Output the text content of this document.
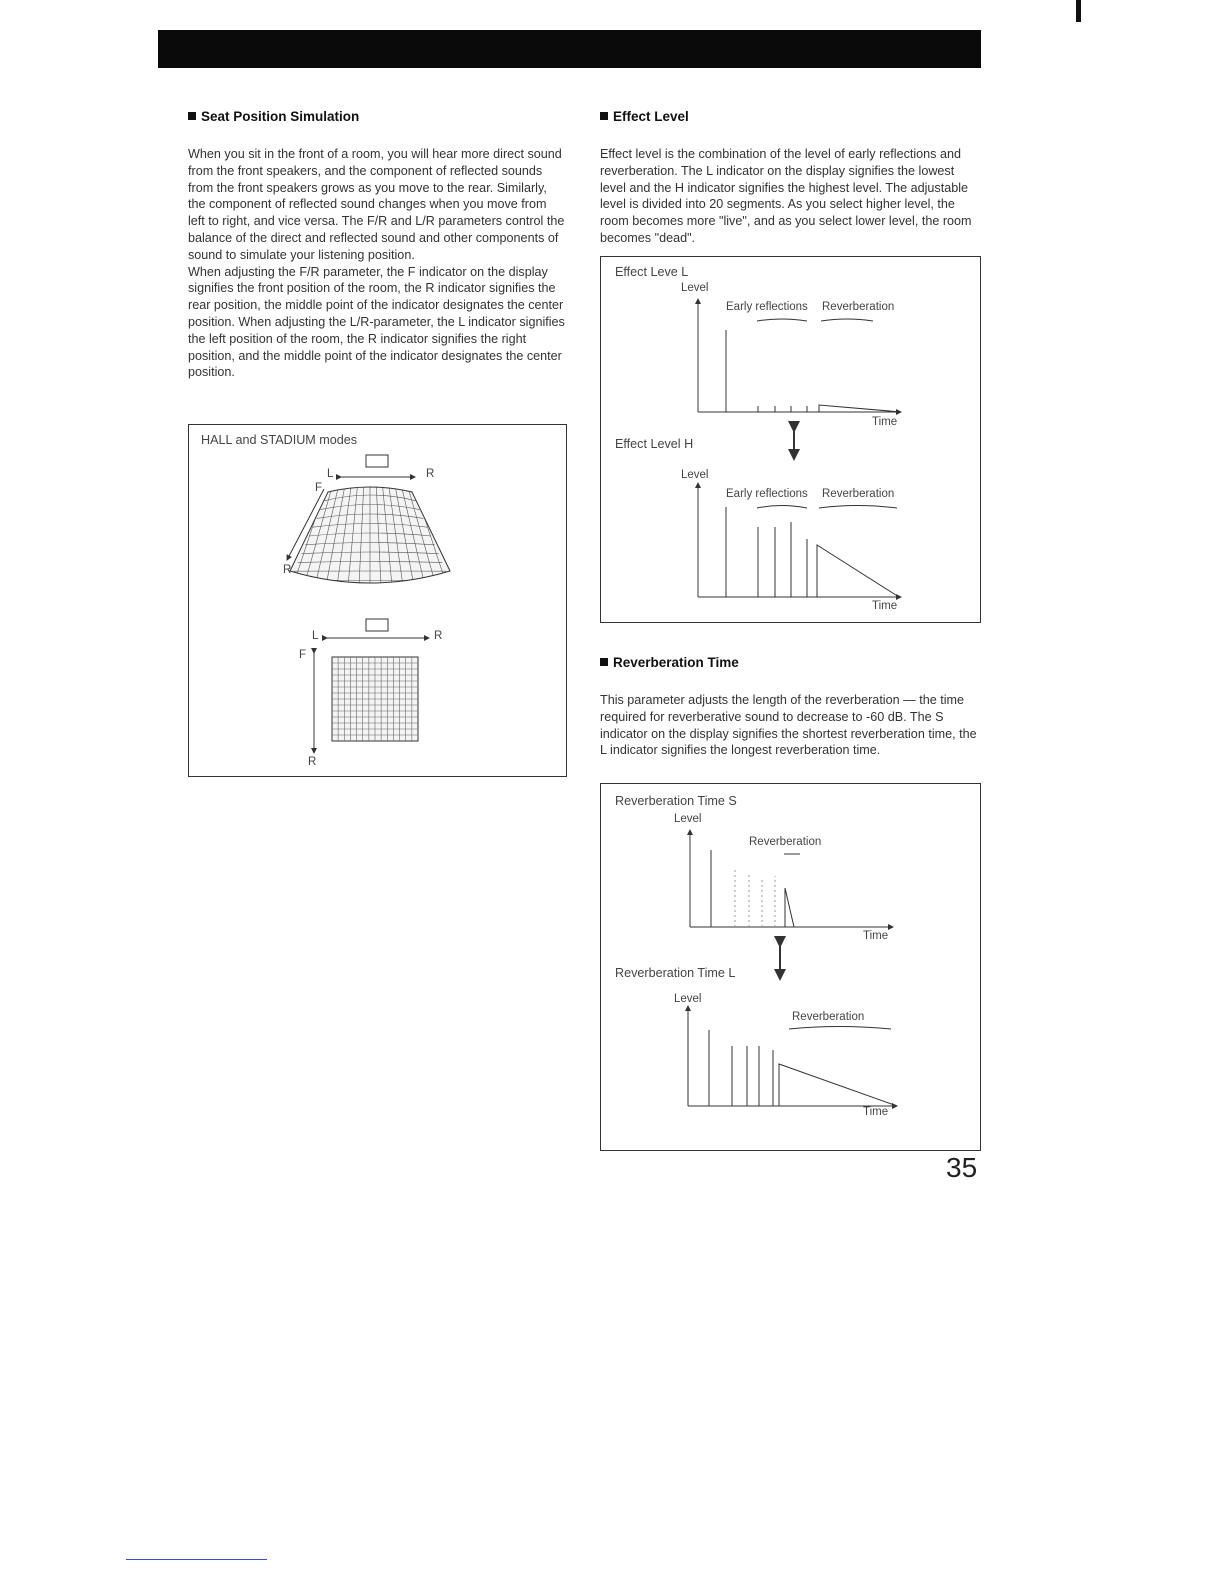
Seat Position Simulation

When you sit in the front of a room, you will hear more direct sound from the front speakers, and the component of reflected sounds from the front speakers grows as you move to the rear. Similarly, the component of reflected sound changes when you move from left to right, and vice versa. The F/R and L/R parameters control the balance of the direct and reflected sound and other components of sound to simulate your listening position.

When adjusting the F/R parameter, the F indicator on the display signifies the front position of the room, the R indicator signifies the rear position, the middle point of the indicator designates the center position. When adjusting the L/R-parameter, the L indicator signifies the left position of the room, the R indicator signifies the right position, and the middle point of the indicator designates the center position.

HALL and STADIUM modes
L	R
F
R
L	R
F
R
Effect Level

Effect level is the combination of the level of early reflections and reverberation. The L indicator on the display signifies the lowest level and the H indicator signifies the highest level. The adjustable level is divided into 20 segments. As you select higher level, the room becomes more "live", and as you select lower level, the room becomes "dead".

Effect Leve L
Effect Level H
Level
Early reflections Reverberation
Time
Level
Early reflections Reverberation
Time
Reverberation Time

This parameter adjusts the length of the reverberation — the time required for reverberative sound to decrease to -60 dB. The S indicator on the display signifies the shortest reverberation time, the L indicator signifies the longest reverberation time.

Reverberation Time S
Reverberation Time L
Level
Reverberation
Time
Level
Reverberation
Time
35
